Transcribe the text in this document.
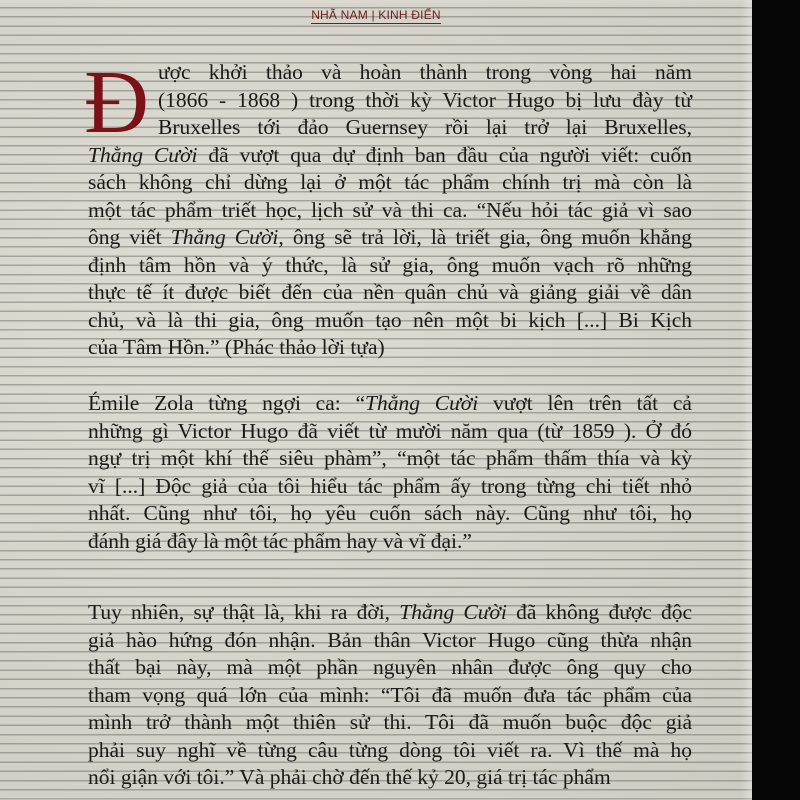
NHÃ NAM | KINH ĐIỂN
Đ ược khởi thảo và hoàn thành trong vòng hai năm
(1866 - 1868 ) trong thời kỳ Victor Hugo bị lưu đày từ
Bruxelles tới đảo Guernsey rồi lại trở lại Bruxelles,
Thằng Cười đã vượt qua dự định ban đầu của người viết: cuốn
sách không chỉ dừng lại ở một tác phẩm chính trị mà còn là
một tác phẩm triết học, lịch sử và thi ca. “Nếu hỏi tác giả vì sao
ông viết Thằng Cười, ông sẽ trả lời, là triết gia, ông muốn khẳng
định tâm hồn và ý thức, là sử gia, ông muốn vạch rõ những
thực tế ít được biết đến của nền quân chủ và giảng giải về dân
chủ, và là thi gia, ông muốn tạo nên một bi kịch [...] Bi Kịch
của Tâm Hồn.” (Phác thảo lời tựa)
Émile Zola từng ngợi ca: “Thằng Cười vượt lên trên tất cả
những gì Victor Hugo đã viết từ mười năm qua (từ 1859 ). Ở đó
ngự trị một khí thế siêu phàm”, “một tác phẩm thấm thía và kỳ
vĩ [...] Độc giả của tôi hiểu tác phẩm ấy trong từng chi tiết nhỏ
nhất. Cũng như tôi, họ yêu cuốn sách này. Cũng như tôi, họ
đánh giá đây là một tác phẩm hay và vĩ đại.”
Tuy nhiên, sự thật là, khi ra đời, Thằng Cười đã không được độc
giả hào hứng đón nhận. Bản thân Victor Hugo cũng thừa nhận
thất bại này, mà một phần nguyên nhân được ông quy cho
tham vọng quá lớn của mình: “Tôi đã muốn đưa tác phẩm của
mình trở thành một thiên sử thi. Tôi đã muốn buộc độc giả
phải suy nghĩ về từng câu từng dòng tôi viết ra. Vì thế mà họ
nổi giận với tôi.” Và phải chờ đến thế kỷ 20, giá trị tác phẩm
